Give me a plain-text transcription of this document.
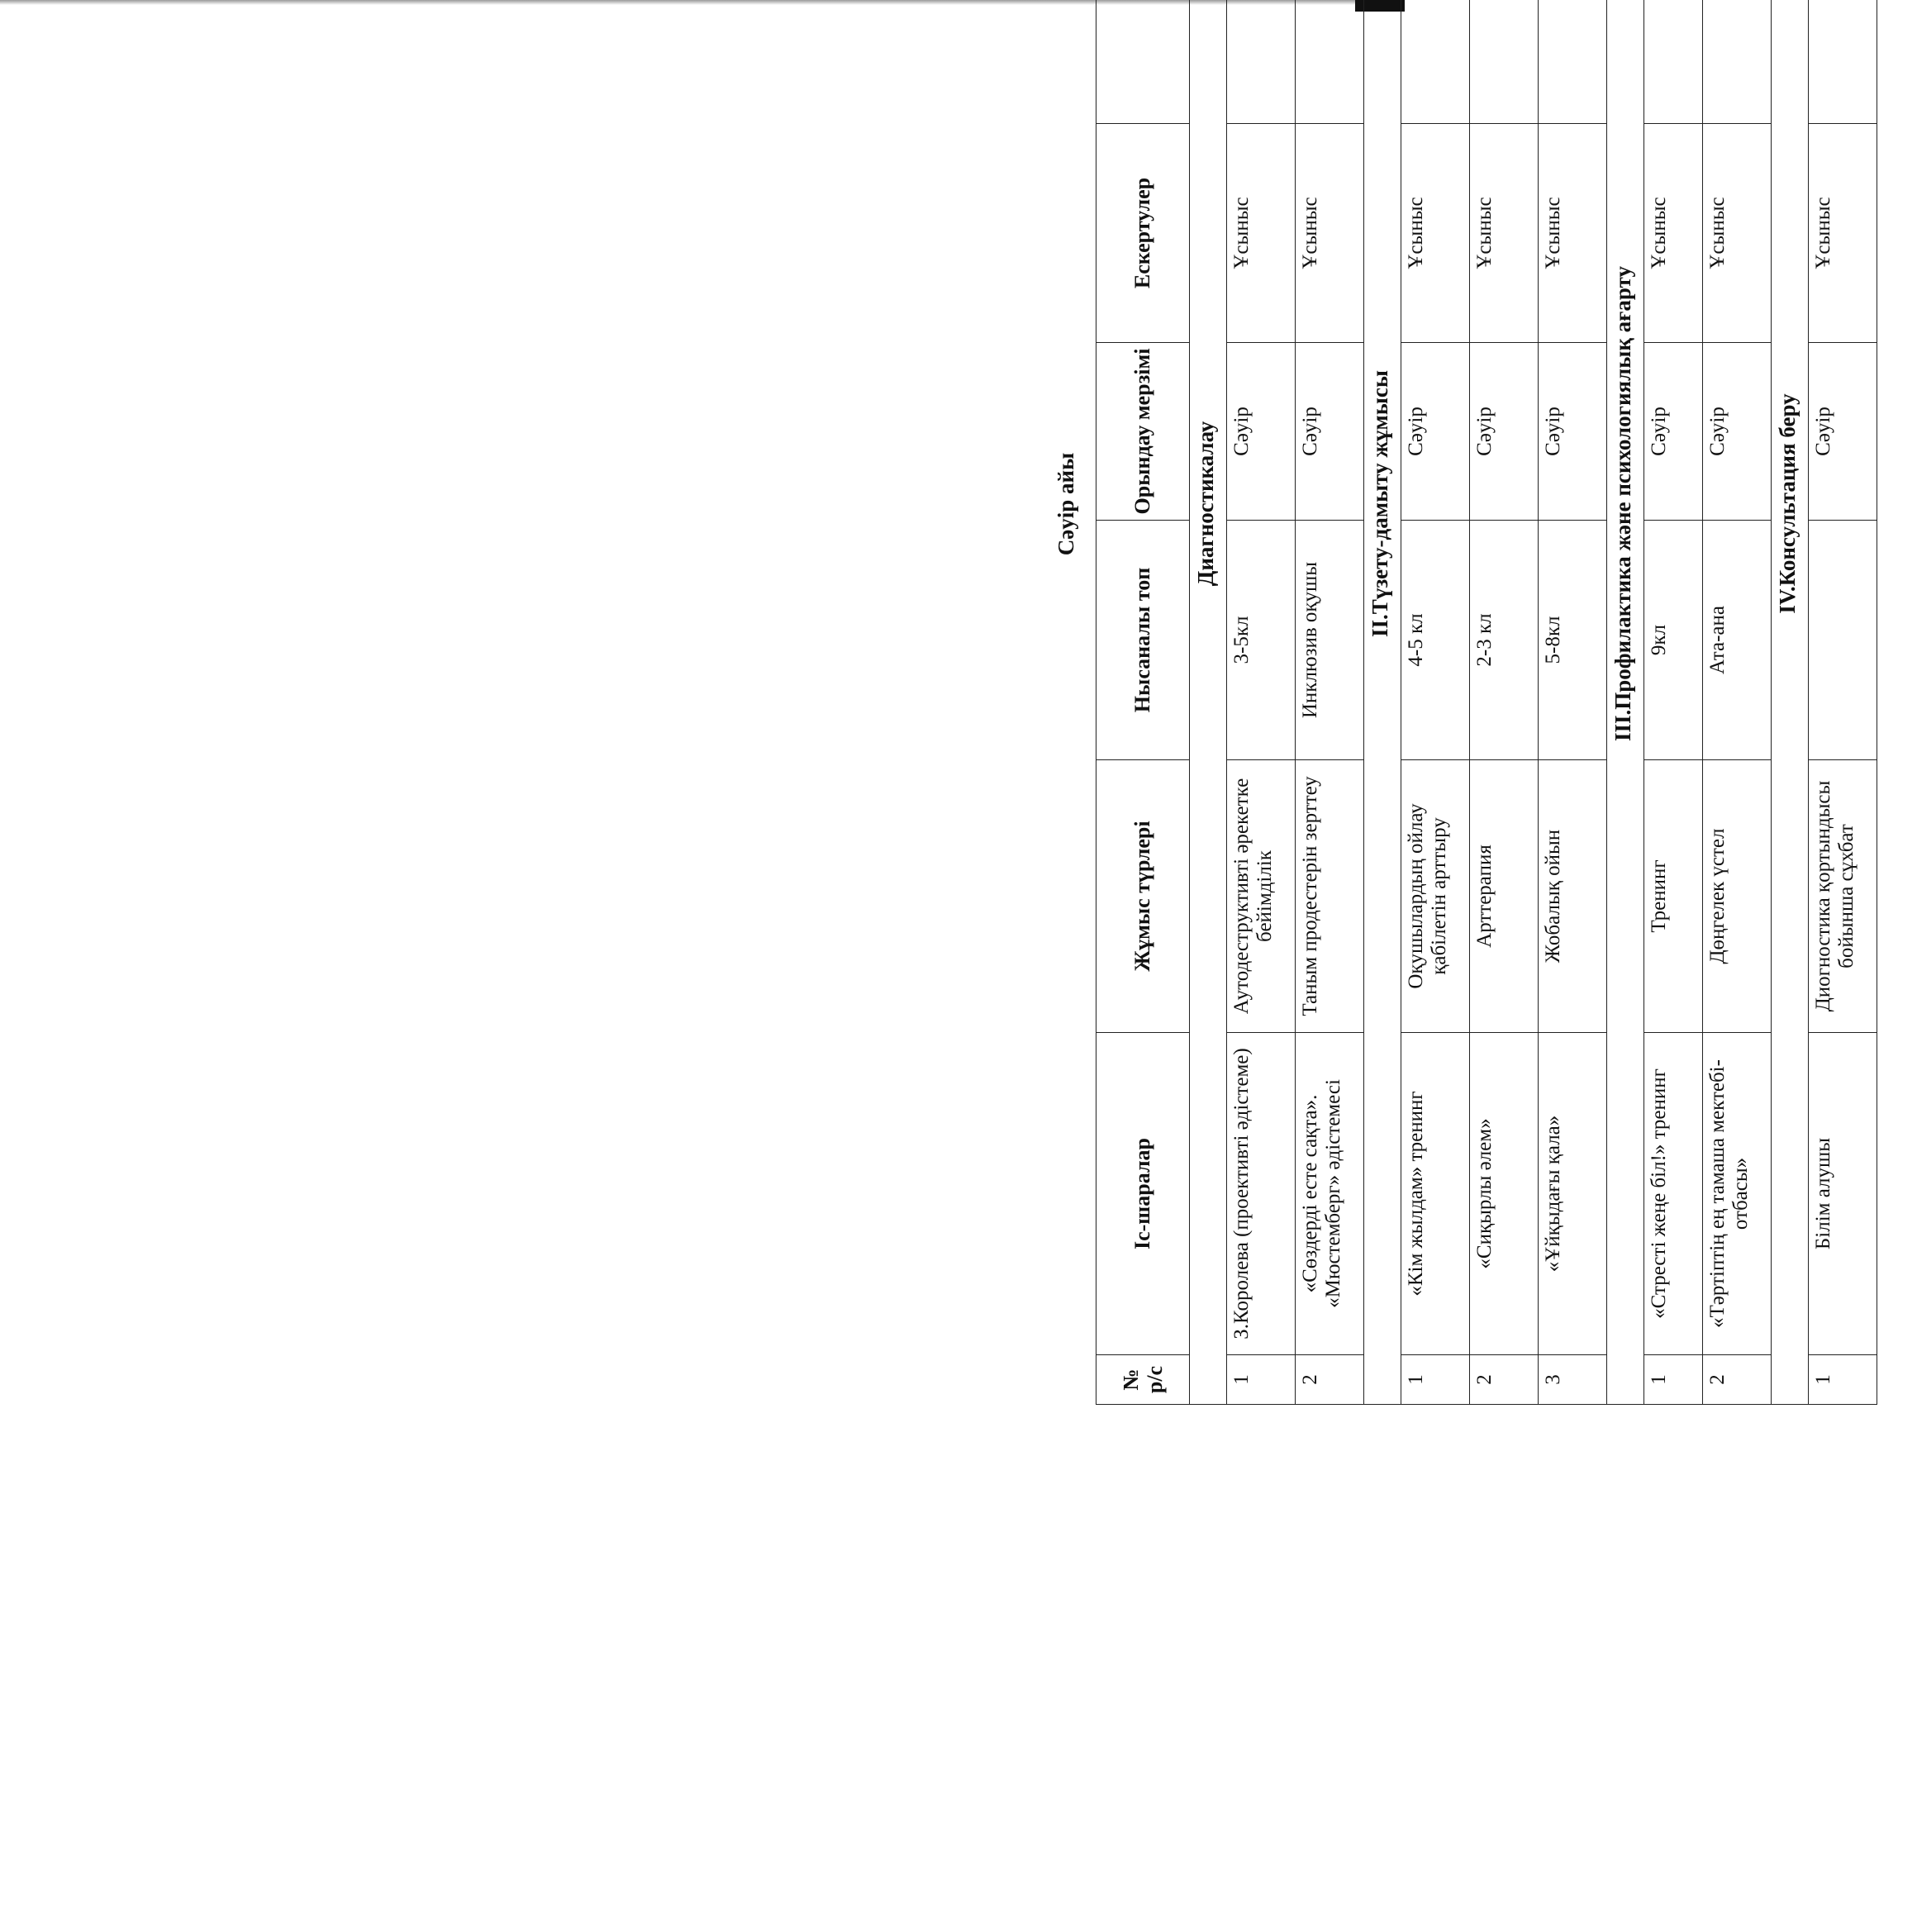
Сәуір айы
№ р/с	Іс-шаралар	Жұмыс түрлері	Нысаналы топ	Орындау мерзімі	Ескертулер	
Диагностикалау						
1	З.Королева (проективті әдістеме)	Аутодеструктивті әрекетке бейімділік	3-5кл	Сәуір	Ұсыныс	
2	«Сөздерді есте сақта». «Мюстемберг» әдістемесі	Таным продестерін зерттеу	Инклюзив оқушы	Сәуір	Ұсыныс	
II.Түзету-дамыту жұмысы						
1	«Кім жылдам» тренинг	Оқушылардың ойлау қабілетін арттыру	4-5 кл	Сәуір	Ұсыныс	
2	«Сиқырлы әлем»	Арттерапия	2-3 кл	Сәуір	Ұсыныс	
3	«Ұйқыдағы қала»	Жобалық ойын	5-8кл	Сәуір	Ұсыныс	
III.Профилактика және психологиялық ағарту						
1	«Стресті жеңе біл!» тренинг	Тренинг	9кл	Сәуір	Ұсыныс	
2	«Тәртіптің ең тамаша мектебі-отбасы»	Дөңгелек үстел	Ата-ана	Сәуір	Ұсыныс	
IV.Консультация беру						
1	Білім алушы	Диогностика қортындысы бойынша сұхбат		Сәуір	Ұсыныс	
